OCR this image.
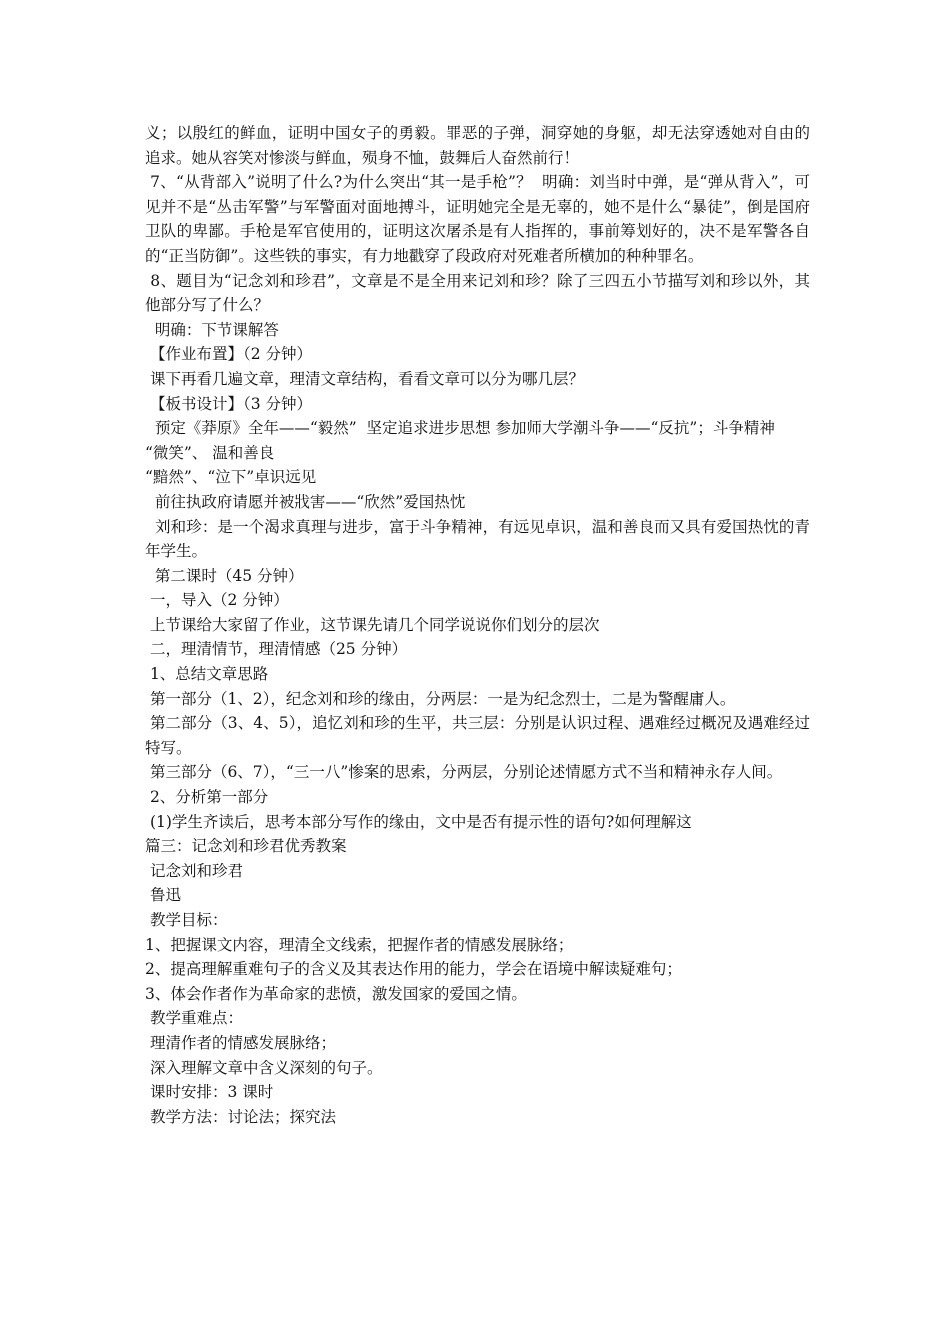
义；以殷红的鲜血，证明中国女子的勇毅。罪恶的子弹，洞穿她的身躯，却无法穿透她对自由的追求。她从容笑对惨淡与鲜血，殒身不恤，鼓舞后人奋然前行！

7、“从背部入”说明了什么?为什么突出“其一是手枪”？  明确：刘当时中弹，是“弹从背入”，可见并不是“丛击军警”与军警面对面地搏斗，证明她完全是无辜的，她不是什么“暴徒”，倒是国府卫队的卑鄙。手枪是军官使用的，证明这次屠杀是有人指挥的，事前筹划好的，决不是军警各自的“正当防御”。这些铁的事实，有力地戳穿了段政府对死难者所横加的种种罪名。

8、题目为“记念刘和珍君”，文章是不是全用来记刘和珍？除了三四五小节描写刘和珍以外，其他部分写了什么？

明确：下节课解答

【作业布置】（2 分钟）

课下再看几遍文章，理清文章结构，看看文章可以分为哪几层？

【板书设计】（3 分钟）

预定《莽原》全年——“毅然”  坚定追求进步思想 参加师大学潮斗争——“反抗”；斗争精神

“微笑”、 温和善良

“黯然”、“泣下”卓识远见

前往执政府请愿并被戕害——“欣然”爱国热忱

刘和珍：是一个渴求真理与进步，富于斗争精神，有远见卓识，温和善良而又具有爱国热忱的青年学生。

第二课时（45 分钟）

一，导入（2 分钟）

上节课给大家留了作业，这节课先请几个同学说说你们划分的层次

二，理清情节，理清情感（25 分钟）

1、总结文章思路

第一部分（1、2），纪念刘和珍的缘由，分两层：一是为纪念烈士，二是为警醒庸人。

第二部分（3、4、5），追忆刘和珍的生平，共三层：分别是认识过程、遇难经过概况及遇难经过特写。

第三部分（6、7），“三一八”惨案的思索，分两层，分别论述情愿方式不当和精神永存人间。

2、分析第一部分

(1)学生齐读后，思考本部分写作的缘由，文中是否有提示性的语句?如何理解这

篇三：记念刘和珍君优秀教案

记念刘和珍君

鲁迅

教学目标：

1、把握课文内容，理清全文线索，把握作者的情感发展脉络；

2、提高理解重难句子的含义及其表达作用的能力，学会在语境中解读疑难句；

3、体会作者作为革命家的悲愤，激发国家的爱国之情。

教学重难点：

理清作者的情感发展脉络；

深入理解文章中含义深刻的句子。

课时安排：3 课时

教学方法：讨论法；探究法
